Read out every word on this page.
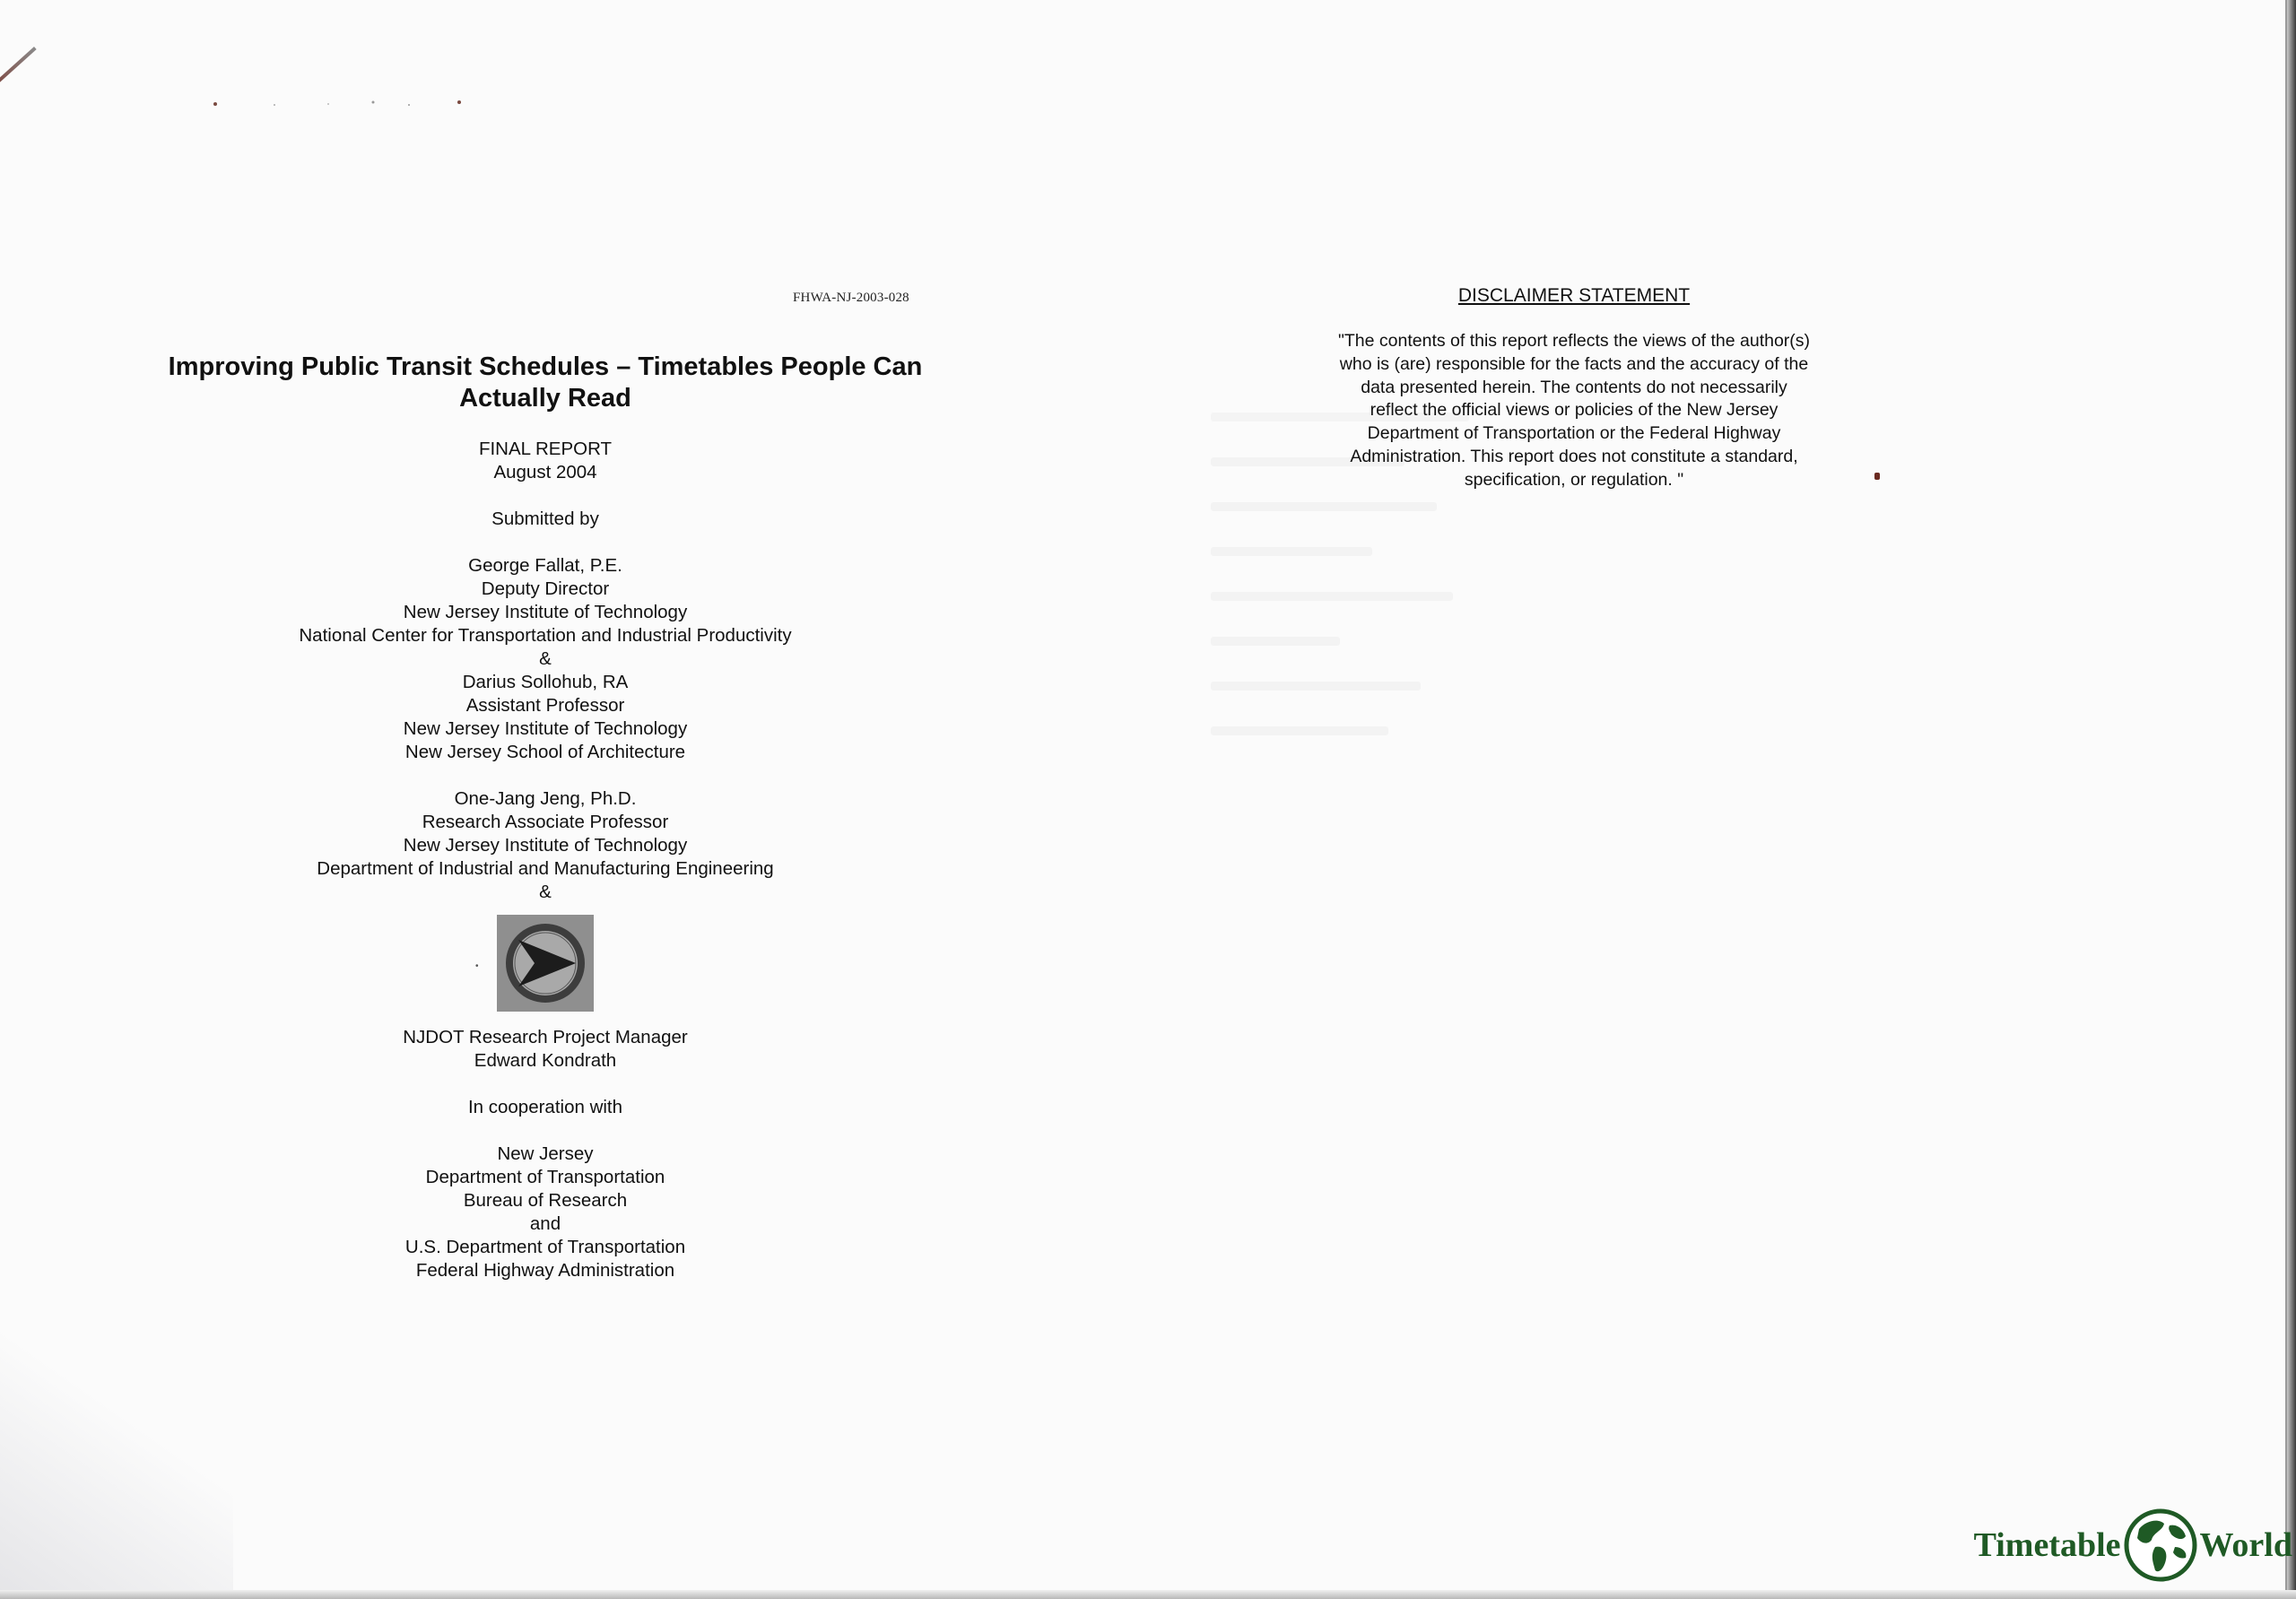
FHWA-NJ-2003-028

Improving Public Transit Schedules – Timetables People Can

Actually Read

FINAL REPORT

August 2004

Submitted by

George Fallat, P.E.

Deputy Director

New Jersey Institute of Technology

National Center for Transportation and Industrial Productivity

&

Darius Sollohub, RA

Assistant Professor

New Jersey Institute of Technology

New Jersey School of Architecture

One-Jang Jeng, Ph.D.

Research Associate Professor

New Jersey Institute of Technology

Department of Industrial and Manufacturing Engineering

&

•

NJDOT Research Project Manager

Edward Kondrath

In cooperation with

New Jersey

Department of Transportation

Bureau of Research

and

U.S. Department of Transportation

Federal Highway Administration

DISCLAIMER STATEMENT

"The contents of this report reflects the views of the author(s)

who is (are) responsible for the facts and the accuracy of the

data presented herein. The contents do not necessarily

reflect the official views or policies of the New Jersey

Department of Transportation or the Federal Highway

Administration. This report does not constitute a standard,

specification, or regulation. "

Timetable World
